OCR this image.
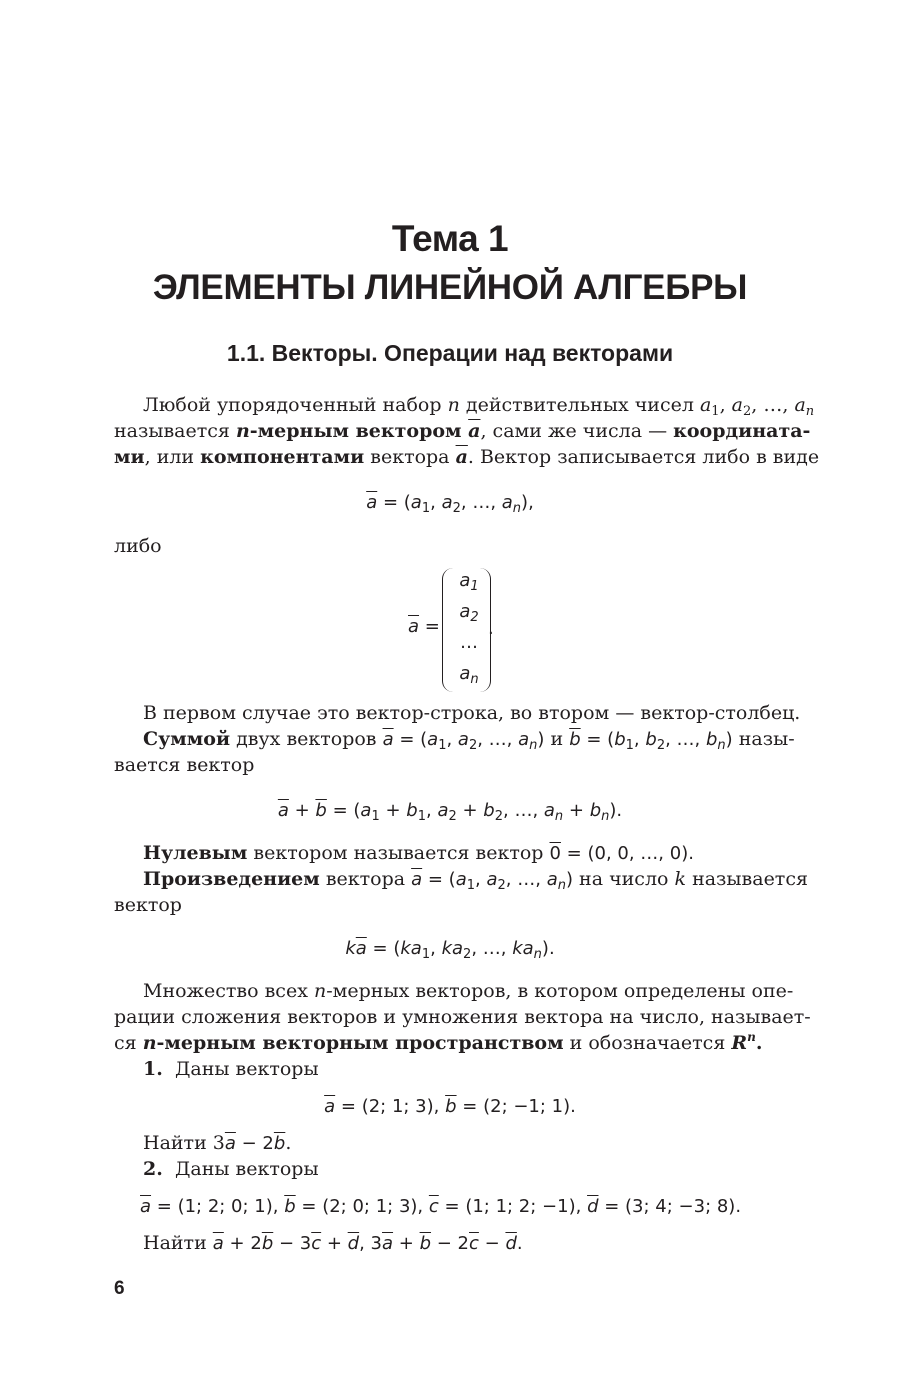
Тема 1
ЭЛЕМЕНТЫ ЛИНЕЙНОЙ АЛГЕБРЫ
1.1. Векторы. Операции над векторами
Любой упорядоченный набор n действительных чисел $a_1$, $a_2$, …, $a_n$
называется n-мерным вектором $\overline{a}$, сами же числа — координата-
ми, или компонентами вектора $\overline{a}$. Вектор записывается либо в виде
$\overline{a} = (a_1$, $a_2$, …, $a_n$),
либо
$\overline{a}$ =
$a_1$
$a_2$
…
$a_n$
.
В первом случае это вектор-строка, во втором — вектор-столбец.
Суммой двух векторов $\overline{a} = (a_1$, $a_2$, …, $a_n$) и $\overline{b} = (b_1$, $b_2$, …, $b_n$) назы-
вается вектор
$\overline{a} + \overline{b} = (a_1 + b_1$, $a_2 + b_2$, …, $a_n + b_n$).
Нулевым вектором называется вектор 0 = (0, 0, …, 0).
Произведением вектора $\overline{a} = (a_1$, $a_2$, …, $a_n$) на число k называется
вектор
$k\overline{a} = (ka_1$, $ka_2$, …, $ka_n$).
Множество всех n-мерных векторов, в котором определены опе-
рации сложения векторов и умножения вектора на число, называет-
ся n-мерным векторным пространством и обозначается $R^n$.
1. Даны векторы
$\overline{a} = (2$; 1; 3), $\overline{b} = (2$; −1; 1).
Найти $3\overline{a} - 2\overline{b}$.
2. Даны векторы
$\overline{a} = (1$; 2; 0; 1), $\overline{b} = (2$; 0; 1; 3), $\overline{c} = (1$; 1; 2; −1), $\overline{d} = (3$; 4; −3; 8).
Найти $\overline{a} + 2\overline{b} - 3\overline{c} + \overline{d}$, $3\overline{a} + \overline{b} - 2\overline{c} - \overline{d}$.
6
